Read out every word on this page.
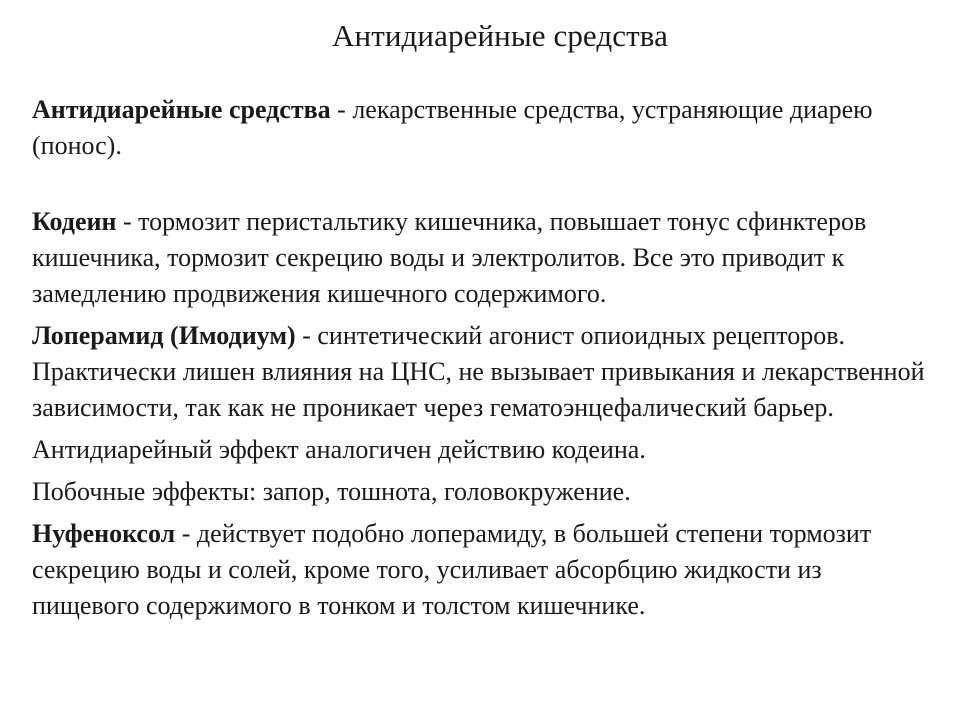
Антидиарейные средства

Антидиарейные средства - лекарственные средства, устраняющие диарею (понос).

Кодеин - тормозит перистальтику кишечника, повышает тонус сфинктеров кишечника, тормозит секрецию воды и электролитов. Все это приводит к замедлению продвижения кишечного содержимого.

Лоперамид (Имодиум) - синтетический агонист опиоидных рецепторов. Практически лишен влияния на ЦНС, не вызывает привыкания и лекарственной зависимости, так как не проникает через гематоэнцефалический барьер.

Антидиарейный эффект аналогичен действию кодеина.

Побочные эффекты: запор, тошнота, головокружение.

Нуфеноксол - действует подобно лоперамиду, в большей степени тормозит секрецию воды и солей, кроме того, усиливает абсорбцию жидкости из пищевого содержимого в тонком и толстом кишечнике.
